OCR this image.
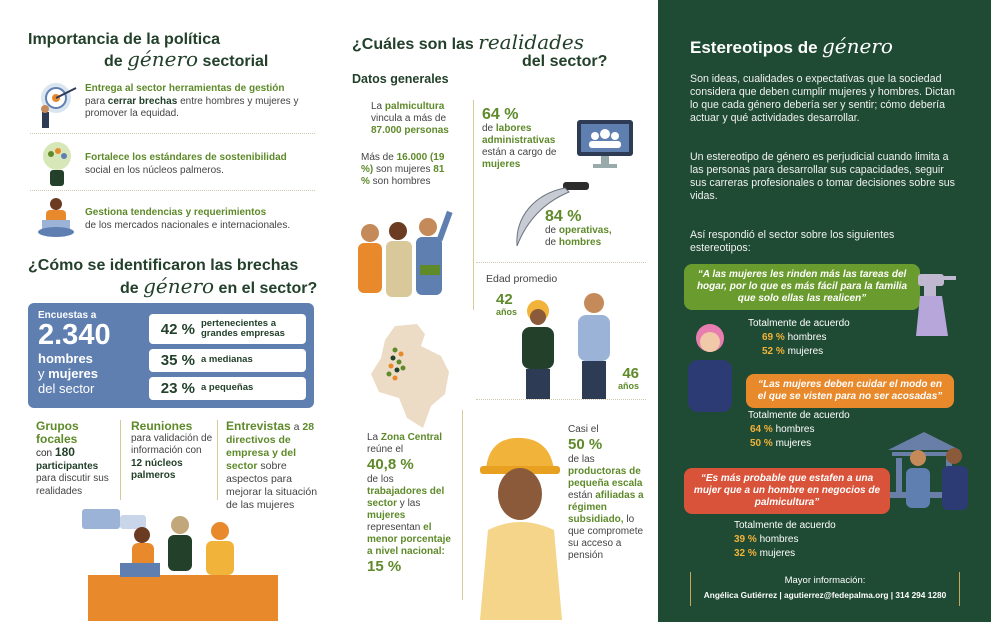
Importancia de la política
de género sectorial
Entrega al sector herramientas de gestión
para cerrar brechas entre hombres y mujeres y promover la equidad.
Fortalece los estándares de sostenibilidad
social en los núcleos palmeros.
Gestiona tendencias y requerimientos
de los mercados nacionales e internacionales.
¿Cómo se identificaron las brechas
de género en el sector?
Encuestas a
2.340
hombres
y mujeres
del sector
42 % pertenecientes a grandes empresas
35 % a medianas
23 % a pequeñas
Grupos
focales
con 180
participantes
para discutir sus realidades
Reuniones
para validación de información con 12 núcleos palmeros
Entrevistas a 28 directivos de empresa y del sector sobre aspectos para mejorar la situación de las mujeres
¿Cuáles son las realidades
del sector?
Datos generales
La palmicultura vincula a más de 87.000 personas
Más de 16.000 (19 %) son mujeres 81 % son hombres
64 %
de labores administrativas están a cargo de mujeres
84 %
de operativas,
de hombres
Edad promedio
42
años
46
años
La Zona Central reúne el
40,8 %
de los trabajadores del sector y las mujeres representan el menor porcentaje a nivel nacional:
15 %
Casi el
50 %
de las productoras de pequeña escala están afiliadas a régimen subsidiado, lo que compromete su acceso a pensión
Estereotipos de género
Son ideas, cualidades o expectativas que la sociedad considera que deben cumplir mujeres y hombres. Dictan lo que cada género debería ser y sentir; cómo debería actuar y qué actividades desarrollar.
Un estereotipo de género es perjudicial cuando limita a las personas para desarrollar sus capacidades, seguir sus carreras profesionales o tomar decisiones sobre sus vidas.
Así respondió el sector sobre los siguientes estereotipos:
“A las mujeres les rinden más las tareas del hogar, por lo que es más fácil para la familia que solo ellas las realicen”
Totalmente de acuerdo
69 % hombres
52 % mujeres
“Las mujeres deben cuidar el modo en el que se visten para no ser acosadas”
Totalmente de acuerdo
64 % hombres
50 % mujeres
“Es más probable que estafen a una mujer que a un hombre en negocios de palmicultura”
Totalmente de acuerdo
39 % hombres
32 % mujeres
Mayor información:
Angélica Gutiérrez | agutierrez@fedepalma.org | 314 294 1280
